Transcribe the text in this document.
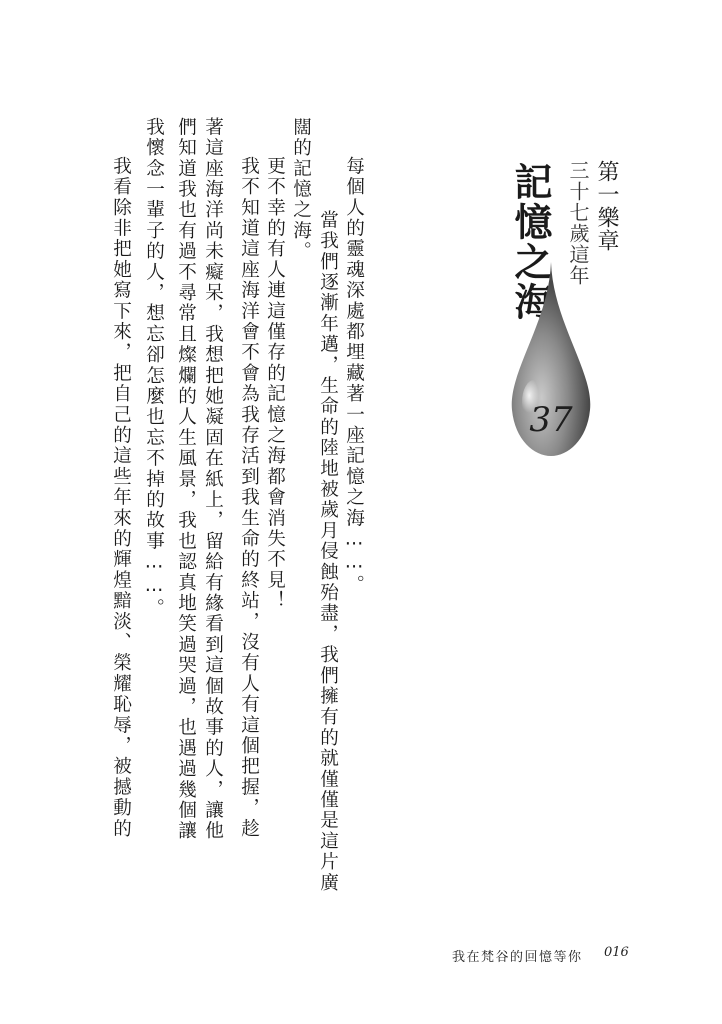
第一樂章
三十七歲這年
記憶之海
37
每個人的靈魂深處都埋藏著一座記憶之海……。
當我們逐漸年邁，生命的陸地被歲月侵蝕殆盡，我們擁有的就僅僅是這片廣
闊的記憶之海。
更不幸的有人連這僅存的記憶之海都會消失不見！
我不知道這座海洋會不會為我存活到我生命的終站，沒有人有這個把握，趁
著這座海洋尚未癡呆，我想把她凝固在紙上，留給有緣看到這個故事的人，讓他
們知道我也有過不尋常且燦爛的人生風景，我也認真地笑過哭過，也遇過幾個讓
我懷念一輩子的人，想忘卻怎麼也忘不掉的故事……。
我看除非把她寫下來，把自己的這些年來的輝煌黯淡、榮耀恥辱，被撼動的
我在梵谷的回憶等你 016
